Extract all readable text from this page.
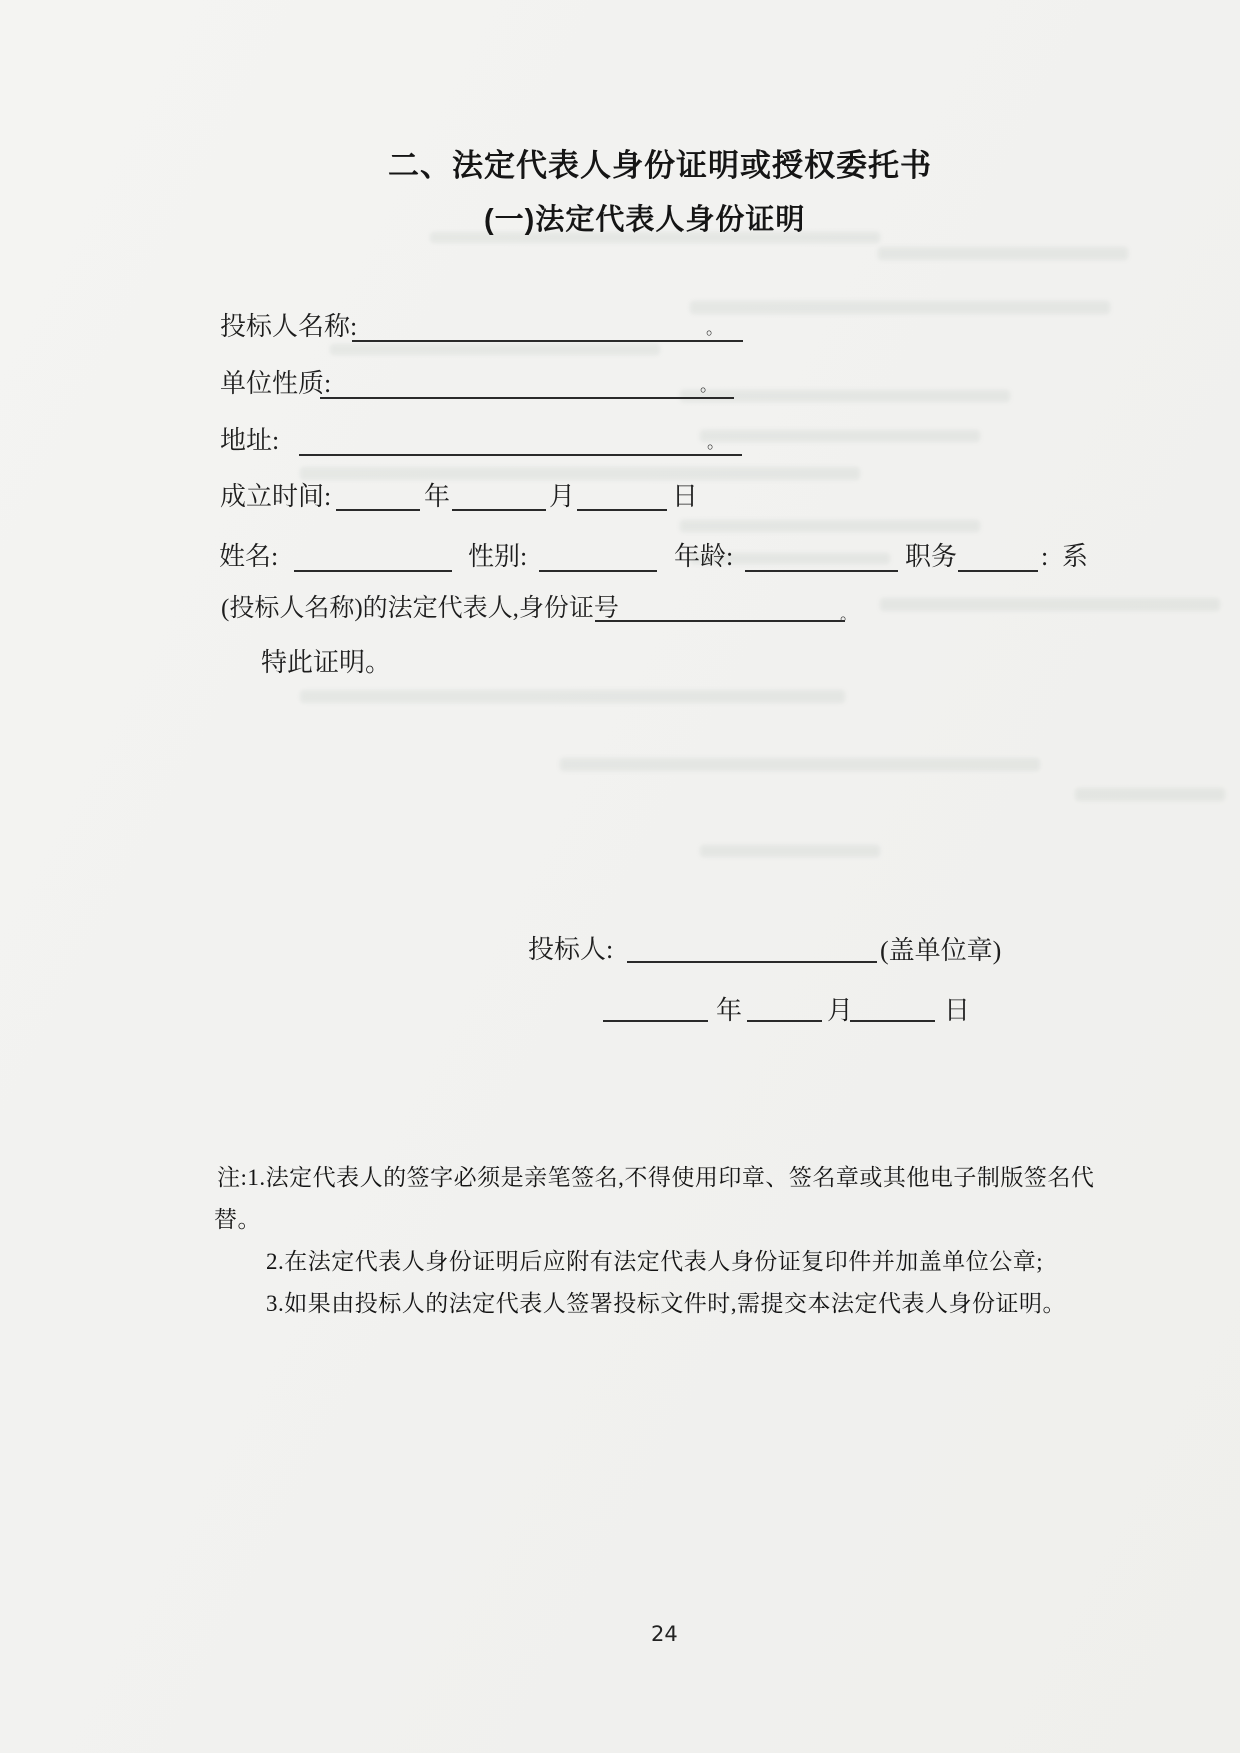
二、法定代表人身份证明或授权委托书
(一)法定代表人身份证明
投标人名称:	。
单位性质:	。
地址:	。
成立时间:	年	月	日
姓名:	性别:	年龄:	职务	: 系
(投标人名称)的法定代表人,身份证号	。
特此证明。
投标人:	(盖单位章)
年	月	日
注:1.法定代表人的签字必须是亲笔签名,不得使用印章、签名章或其他电子制版签名代
替。
2.在法定代表人身份证明后应附有法定代表人身份证复印件并加盖单位公章;
3.如果由投标人的法定代表人签署投标文件时,需提交本法定代表人身份证明。
24
